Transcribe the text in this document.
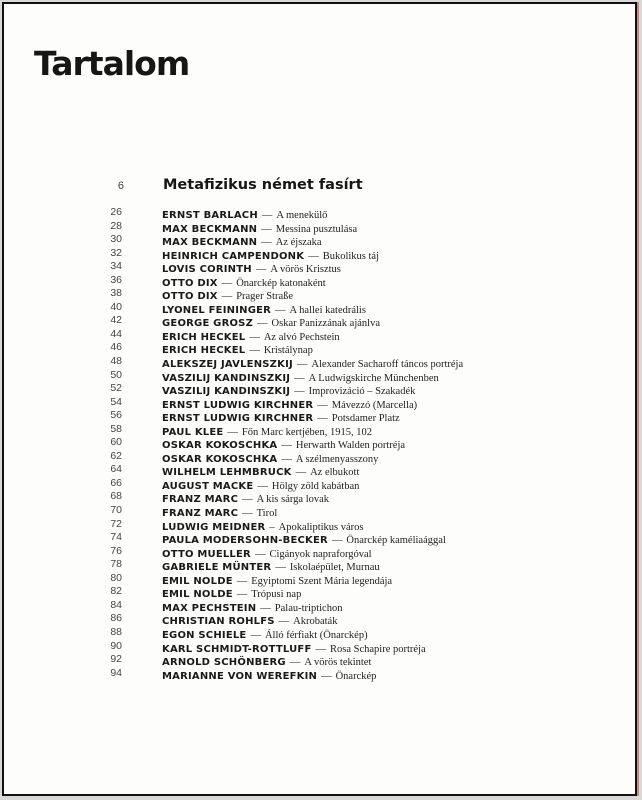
Tartalom
6	Metafizikus német fasírt
26	ERNST BARLACH — A menekülő
28	MAX BECKMANN — Messina pusztulása
30	MAX BECKMANN — Az éjszaka
32	HEINRICH CAMPENDONK — Bukolikus táj
34	LOVIS CORINTH — A vörös Krisztus
36	OTTO DIX — Önarckép katonaként
38	OTTO DIX — Prager Straße
40	LYONEL FEININGER — A hallei katedrális
42	GEORGE GROSZ — Oskar Panizzának ajánlva
44	ERICH HECKEL — Az alvó Pechstein
46	ERICH HECKEL — Kristálynap
48	ALEKSZEJ JAVLENSZKIJ — Alexander Sacharoff táncos portréja
50	VASZILIJ KANDINSZKIJ — A Ludwigskirche Münchenben
52	VASZILIJ KANDINSZKIJ — Improvizáció – Szakadék
54	ERNST LUDWIG KIRCHNER — Mávezzó (Marcella)
56	ERNST LUDWIG KIRCHNER — Potsdamer Platz
58	PAUL KLEE — Főn Marc kertjében, 1915, 102
60	OSKAR KOKOSCHKA — Herwarth Walden portréja
62	OSKAR KOKOSCHKA — A szélmenyasszony
64	WILHELM LEHMBRUCK — Az elbukott
66	AUGUST MACKE — Hölgy zöld kabátban
68	FRANZ MARC — A kis sárga lovak
70	FRANZ MARC — Tirol
72	LUDWIG MEIDNER – Apokaliptikus város
74	PAULA MODERSOHN-BECKER — Önarckép kaméliaággal
76	OTTO MUELLER — Cigányok napraforgóval
78	GABRIELE MÜNTER — Iskolaépület, Murnau
80	EMIL NOLDE — Egyiptomi Szent Mária legendája
82	EMIL NOLDE — Trópusi nap
84	MAX PECHSTEIN — Palau-triptichon
86	CHRISTIAN ROHLFS — Akrobaták
88	EGON SCHIELE — Álló férfiakt (Önarckép)
90	KARL SCHMIDT-ROTTLUFF — Rosa Schapire portréja
92	ARNOLD SCHÖNBERG — A vörös tekintet
94	MARIANNE VON WEREFKIN — Önarckép
